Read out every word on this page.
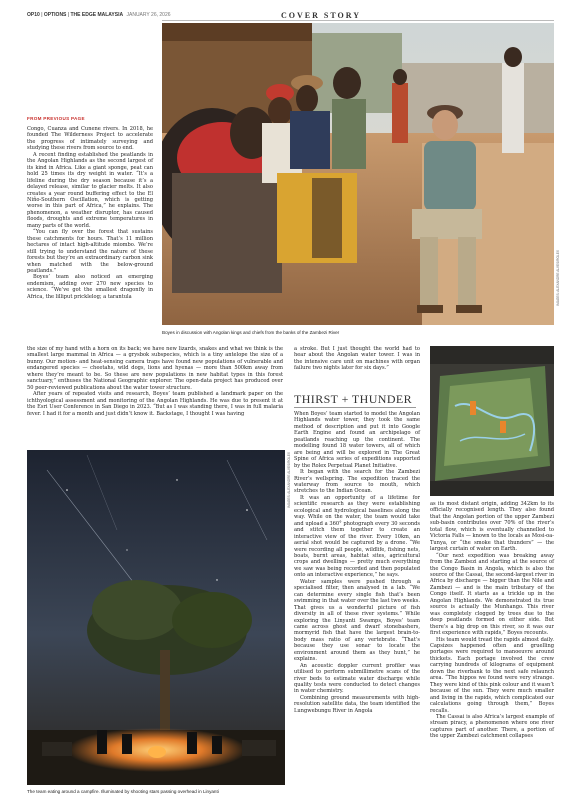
OP10 | OPTIONS | THE EDGE MALAYSIA JANUARY 26, 2026	COVER STORY
IMAGES: ALEXANDRE ALVES/ROLEX
Boyes in discussion with Angolan kings and chiefs from the banks of the Zambezi River
FROM PREVIOUS PAGE

Congo, Cuanza and Cunene rivers. In 2018, he founded The Wilderness Project to accelerate the progress of intimately surveying and studying these rivers from source to end.

A recent finding established the peatlands in the Angolan Highlands as the second largest of its kind in Africa. Like a giant sponge, peat can hold 25 times its dry weight in water. “It’s a lifeline during the dry season because it’s a delayed release, similar to glacier melts. It also creates a year round buffering effect to the El Niño-Southern Oscillation, which is getting worse in this part of Africa,” he explains. The phenomenon, a weather disruptor, has caused floods, droughts and extreme temperatures in many parts of the world.

“You can fly over the forest that sustains these catchments for hours. That’s 11 million hectares of intact high-altitude miombo. We’re still trying to understand the nature of these forests but they’re an extraordinary carbon sink when matched with the below-ground peatlands.”

Boyes’ team also noticed an emerging endemism, adding over 270 new species to science. “We’ve got the smallest dragonfly in Africa, the lilliput pricklelog; a tarantula

the size of my hand with a horn on its back; we have new lizards, snakes and what we think is the smallest large mammal in Africa — a grysbok subspecies, which is a tiny antelope the size of a bunny. Our motion- and heat-sensing camera traps have found new populations of vulnerable and endangered species — cheetahs, wild dogs, lions and hyenas — more than 500km away from where they’re meant to be. So these are new populations in new habitat types in this forest sanctuary,” enthuses the National Geographic explorer. The open-data project has produced over 50 peer-reviewed publications about the water tower structure.

After years of repeated visits and research, Boyes’ team published a landmark paper on the ichthyological assessment and monitoring of the Angolan Highlands. He was due to present it at the Esri User Conference in San Diego in 2023. “But as I was standing there, I was in full malaria fever. I had it for a month and just didn’t know it. Backstage, I thought I was having

a stroke. But I just thought the world had to hear about the Angolan water tower. I was in the intensive care unit on machines with organ failure two nights later for six days.”

IMAGES: ALEXANDRE ALVES/ROLEX
The team eating around a campfire. Illuminated by shooting stars passing overhead in Linyanti
THIRST + THUNDER

When Boyes’ team started to model the Angolan Highlands water tower, they took the same method of description and put it into Google Earth Engine and found an archipelago of peatlands reaching up the continent. The modelling found 18 water towers, all of which are being and will be explored in The Great Spine of Africa series of expeditions supported by the Rolex Perpetual Planet Initiative.

It began with the search for the Zambezi River’s wellspring. The expedition traced the waterway from source to mouth, which stretches to the Indian Ocean.

It was an opportunity of a lifetime for scientific research as they were establishing ecological and hydrological baselines along the way. While on the water, the team would take and upload a 360° photograph every 30 seconds and stitch them together to create an interactive view of the river. Every 10km, an aerial shot would be captured by a drone. “We were recording all people, wildlife, fishing nets, boats, burnt areas, habitat sites, agricultural crops and dwellings — pretty much everything we saw was being recorded and then populated onto an interactive experience,” he says.

Water samples were pushed through a specialised filter, then analysed in a lab. “We can determine every single fish that’s been swimming in that water over the last two weeks. That gives us a wonderful picture of fish diversity in all of these river systems.” While exploring the Linyanti Swamps, Boyes’ team came across ghost and dwarf stonebashers, mormyrid fish that have the largest brain-to-body mass ratio of any vertebrate. “That’s because they use sonar to locate the environment around them as they hunt,” he explains.

An acoustic doppler current profiler was utilised to perform submillimetre scans of the river beds to estimate water discharge while quality tests were conducted to detect changes in water chemistry.

Combining ground measurements with high-resolution satellite data, the team identified the Lungwebungu River in Angola

as its most distant origin, adding 342km to its officially recognised length. They also found that the Angolan portion of the upper Zambezi sub-basin contributes over 70% of the river’s total flow, which is eventually channelled to Victoria Falls — known to the locals as Mosi-oa-Tunya, or “the smoke that thunders” — the largest curtain of water on Earth.

“Our next expedition was breaking away from the Zambezi and starting at the source of the Congo Basin in Angola, which is also the source of the Cassai, the second-largest river in Africa by discharge — bigger than the Nile and Zambezi — and is the main tributary of the Congo itself. It starts as a trickle up in the Angolan Highlands. We demonstrated its true source is actually the Munhango. This river was completely clogged by trees due to the deep peatlands formed on either side. But there’s a big drop on this river, so it was our first experience with rapids,” Boyes recounts.

His team would tread the rapids almost daily. Capsizes happened often and gruelling portages were required to manoeuvre around thickets. Each portage involved the crew carrying hundreds of kilograms of equipment down the riverbank to the next safe relaunch area. “The hippos we found were very strange. They were kind of this pink colour and it wasn’t because of the sun. They were much smaller and living in the rapids, which complicated our calculations going through them,” Boyes recalls.

The Cassai is also Africa’s largest example of stream piracy, a phenomenon where one river captures part of another. There, a portion of the upper Zambezi catchment collapses
